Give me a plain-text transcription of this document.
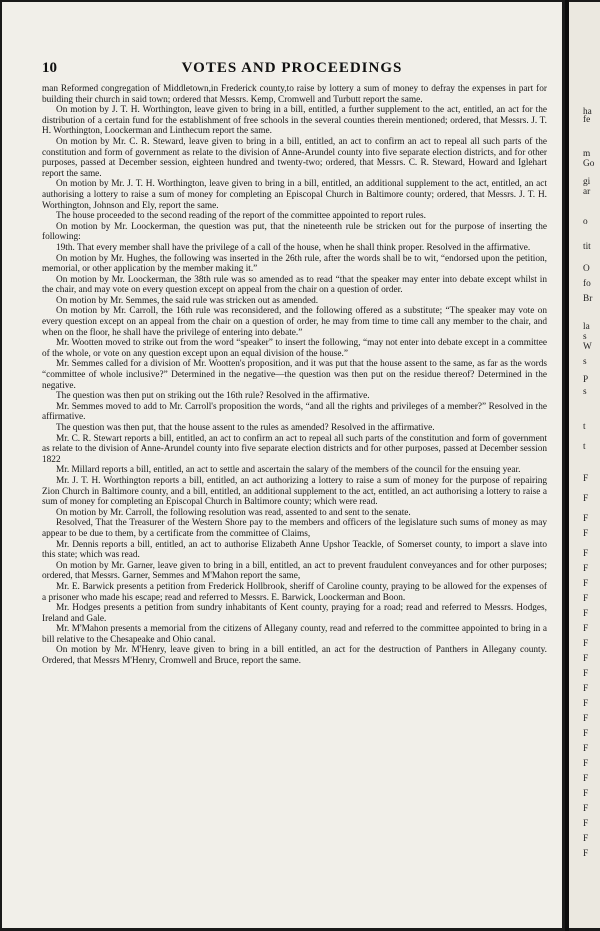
10	VOTES AND PROCEEDINGS

man Reformed congregation of Middletown,in Frederick county,to raise by lottery a sum of money to defray the expenses in part for building their church in said town; ordered that Messrs. Kemp, Cromwell and Turbutt report the same.

On motion by J. T. H. Worthington, leave given to bring in a bill, entitled, a further supplement to the act, entitled, an act for the distribution of a certain fund for the establishment of free schools in the several counties therein mentioned; ordered, that Messrs. J. T. H. Worthington, Loockerman and Linthecum report the same.

On motion by Mr. C. R. Steward, leave given to bring in a bill, entitled, an act to confirm an act to repeal all such parts of the constitution and form of government as relate to the division of Anne-Arundel county into five separate election districts, and for other purposes, passed at December session, eighteen hundred and twenty-two; ordered, that Messrs. C. R. Steward, Howard and Iglehart report the same.

On motion by Mr. J. T. H. Worthington, leave given to bring in a bill, entitled, an additional supplement to the act, entitled, an act authorising a lottery to raise a sum of money for completing an Episcopal Church in Baltimore county; ordered, that Messrs. J. T. H. Worthington, Johnson and Ely, report the same.

The house proceeded to the second reading of the report of the committee appointed to report rules.

On motion by Mr. Loockerman, the question was put, that the nineteenth rule be stricken out for the purpose of inserting the following:

19th. That every member shall have the privilege of a call of the house, when he shall think proper. Resolved in the affirmative.

On motion by Mr. Hughes, the following was inserted in the 26th rule, after the words shall be to wit, “endorsed upon the petition, memorial, or other application by the member making it.”

On motion by Mr. Loockerman, the 38th rule was so amended as to read “that the speaker may enter into debate except whilst in the chair, and may vote on every question except on appeal from the chair on a question of order.

On motion by Mr. Semmes, the said rule was stricken out as amended.

On motion by Mr. Carroll, the 16th rule was reconsidered, and the following offered as a substitute; “The speaker may vote on every question except on an appeal from the chair on a question of order, he may from time to time call any member to the chair, and when on the floor, he shall have the privilege of entering into debate.”

Mr. Wootten moved to strike out from the word “speaker” to insert the following, “may not enter into debate except in a committee of the whole, or vote on any question except upon an equal division of the house.”

Mr. Semmes called for a division of Mr. Wootten's proposition, and it was put that the house assent to the same, as far as the words “committee of whole inclusive?” Determined in the negative—the question was then put on the residue thereof? Determined in the negative.

The question was then put on striking out the 16th rule? Resolved in the affirmative.

Mr. Semmes moved to add to Mr. Carroll's proposition the words, “and all the rights and privileges of a member?” Resolved in the affirmative.

The question was then put, that the house assent to the rules as amended? Resolved in the affirmative.

Mr. C. R. Stewart reports a bill, entitled, an act to confirm an act to repeal all such parts of the constitution and form of government as relate to the division of Anne-Arundel county into five separate election districts and for other purposes, passed at December session 1822

Mr. Millard reports a bill, entitled, an act to settle and ascertain the salary of the members of the council for the ensuing year.

Mr. J. T. H. Worthington reports a bill, entitled, an act authorizing a lottery to raise a sum of money for the purpose of repairing Zion Church in Baltimore county, and a bill, entitled, an additional supplement to the act, entitled, an act authorising a lottery to raise a sum of money for completing an Episcopal Church in Baltimore county; which were read.

On motion by Mr. Carroll, the following resolution was read, assented to and sent to the senate.

Resolved, That the Treasurer of the Western Shore pay to the members and officers of the legislature such sums of money as may appear to be due to them, by a certificate from the committee of Claims,

Mr. Dennis reports a bill, entitled, an act to authorise Elizabeth Anne Upshor Teackle, of Somerset county, to import a slave into this state; which was read.

On motion by Mr. Garner, leave given to bring in a bill, entitled, an act to prevent fraudulent conveyances and for other purposes; ordered, that Messrs. Garner, Semmes and M'Mahon report the same,

Mr. E. Barwick presents a petition from Frederick Hollbrook, sheriff of Caroline county, praying to be allowed for the expenses of a prisoner who made his escape; read and referred to Messrs. E. Barwick, Loockerman and Boon.

Mr. Hodges presents a petition from sundry inhabitants of Kent county, praying for a road; read and referred to Messrs. Hodges, Ireland and Gale.

Mr. M'Mahon presents a memorial from the citizens of Allegany county, read and referred to the committee appointed to bring in a bill relative to the Chesapeake and Ohio canal.

On motion by Mr. M'Henry, leave given to bring in a bill entitled, an act for the destruction of Panthers in Allegany county. Ordered, that Messrs M'Henry, Cromwell and Bruce, report the same.

ha
fe
m
Go
gi
ar
o
tit
O
fo
Br
la
s
W
s
P
s
t
t
F
F
F
F
F
F
F
F
F
F
F
F
F
F
F
F
F
F
F
F
F
F
F
F
F
